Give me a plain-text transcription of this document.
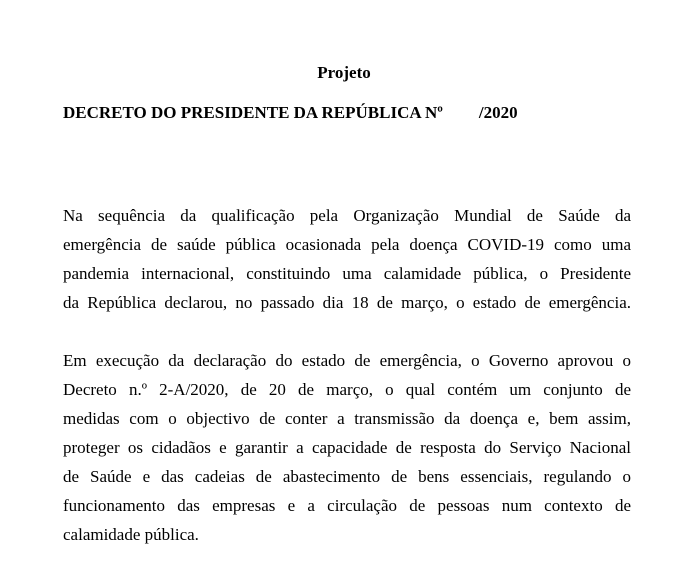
Projeto
DECRETO DO PRESIDENTE DA REPÚBLICA Nº /2020
Na sequência da qualificação pela Organização Mundial de Saúde da
emergência de saúde pública ocasionada pela doença COVID-19 como uma
pandemia internacional, constituindo uma calamidade pública, o Presidente
da República declarou, no passado dia 18 de março, o estado de emergência.
Em execução da declaração do estado de emergência, o Governo aprovou o
Decreto n.º 2-A/2020, de 20 de março, o qual contém um conjunto de
medidas com o objectivo de conter a transmissão da doença e, bem assim,
proteger os cidadãos e garantir a capacidade de resposta do Serviço Nacional
de Saúde e das cadeias de abastecimento de bens essenciais, regulando o
funcionamento das empresas e a circulação de pessoas num contexto de
calamidade pública.
